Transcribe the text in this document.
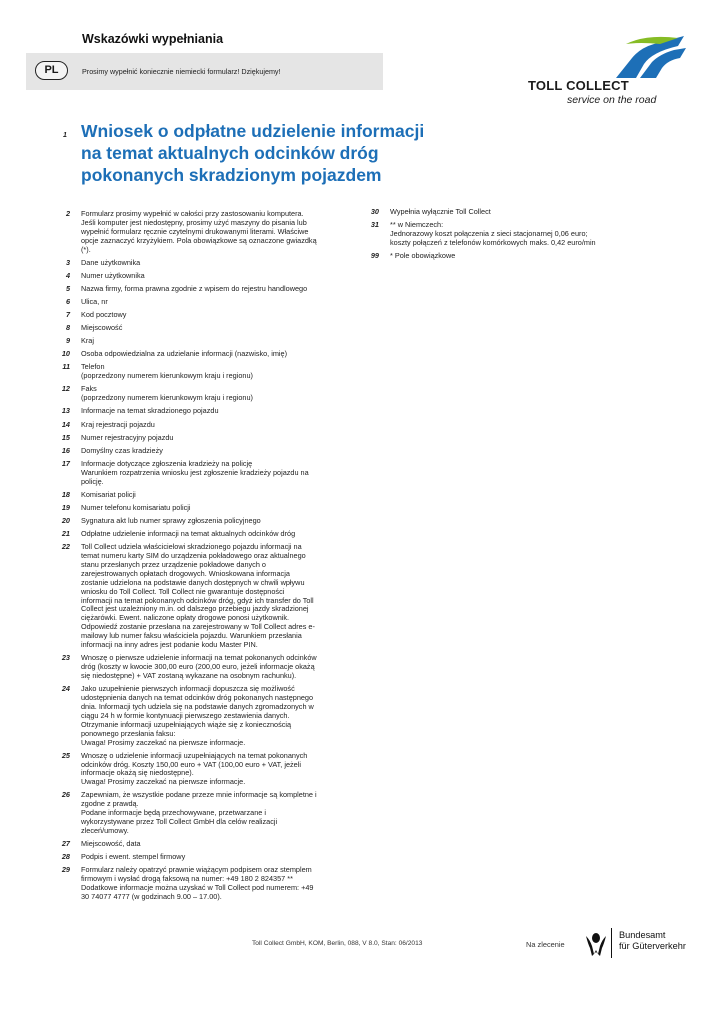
Wskazówki wypełniania
PL	Prosimy wypełnić koniecznie niemiecki formularz! Dziękujemy!
TOLL COLLECT
service on the road
1 Wniosek o odpłatne udzielenie informacji na temat aktualnych odcinków dróg pokonanych skradzionym pojazdem
2 Formularz prosimy wypełnić w całości przy zastosowaniu komputera.
Jeśli komputer jest niedostępny, prosimy użyć maszyny do pisania lub
wypełnić formularz ręcznie czytelnymi drukowanymi literami. Właściwe
opcje zaznaczyć krzyżykiem. Pola obowiązkowe są oznaczone gwiazdką
(*).
3 Dane użytkownika
4 Numer użytkownika
5 Nazwa firmy, forma prawna zgodnie z wpisem do rejestru handlowego
6 Ulica, nr
7 Kod pocztowy
8 Miejscowość
9 Kraj
10 Osoba odpowiedzialna za udzielanie informacji (nazwisko, imię)
11 Telefon
(poprzedzony numerem kierunkowym kraju i regionu)
12 Faks
(poprzedzony numerem kierunkowym kraju i regionu)
13 Informacje na temat skradzionego pojazdu
14 Kraj rejestracji pojazdu
15 Numer rejestracyjny pojazdu
16 Domyślny czas kradzieży
17 Informacje dotyczące zgłoszenia kradzieży na policję
Warunkiem rozpatrzenia wniosku jest zgłoszenie kradzieży pojazdu na
policję.
18 Komisariat policji
19 Numer telefonu komisariatu policji
20 Sygnatura akt lub numer sprawy zgłoszenia policyjnego
21 Odpłatne udzielenie informacji na temat aktualnych odcinków dróg
22 Toll Collect udziela właścicielowi skradzionego pojazdu informacji na
temat numeru karty SIM do urządzenia pokładowego oraz aktualnego
stanu przesłanych przez urządzenie pokładowe danych o
zarejestrowanych opłatach drogowych. Wnioskowana informacja
zostanie udzielona na podstawie danych dostępnych w chwili wpływu
wniosku do Toll Collect. Toll Collect nie gwarantuje dostępności
informacji na temat pokonanych odcinków dróg, gdyż ich transfer do Toll
Collect jest uzależniony m.in. od dalszego przebiegu jazdy skradzionej
ciężarówki. Ewent. naliczone opłaty drogowe ponosi użytkownik.
Odpowiedź zostanie przesłana na zarejestrowany w Toll Collect adres e-
mailowy lub numer faksu właściciela pojazdu. Warunkiem przesłania
informacji na inny adres jest podanie kodu Master PIN.
23 Wnoszę o pierwsze udzielenie informacji na temat pokonanych odcinków
dróg (koszty w kwocie 300,00 euro (200,00 euro, jeżeli informacje okażą
się niedostępne) + VAT zostaną wykazane na osobnym rachunku).
24 Jako uzupełnienie pierwszych informacji dopuszcza się możliwość
udostępnienia danych na temat odcinków dróg pokonanych następnego
dnia. Informacji tych udziela się na podstawie danych zgromadzonych w
ciągu 24 h w formie kontynuacji pierwszego zestawienia danych.
Otrzymanie informacji uzupełniających wiąże się z koniecznością
ponownego przesłania faksu:
Uwaga! Prosimy zaczekać na pierwsze informacje.
25 Wnoszę o udzielenie informacji uzupełniających na temat pokonanych
odcinków dróg. Koszty 150,00 euro + VAT (100,00 euro + VAT, jeżeli
informacje okażą się niedostępne).
Uwaga! Prosimy zaczekać na pierwsze informacje.
26 Zapewniam, że wszystkie podane przeze mnie informacje są kompletne i
zgodne z prawdą.
Podane informacje będą przechowywane, przetwarzane i
wykorzystywane przez Toll Collect GmbH dla celów realizacji
zleceń/umowy.
27 Miejscowość, data
28 Podpis i ewent. stempel firmowy
29 Formularz należy opatrzyć prawnie wiążącym podpisem oraz stemplem
firmowym i wysłać drogą faksową na numer: +49 180 2 824357 **
Dodatkowe informacje można uzyskać w Toll Collect pod numerem: +49
30 74077 4777 (w godzinach 9.00 – 17.00).
30 Wypełnia wyłącznie Toll Collect
31 ** w Niemczech:
Jednorazowy koszt połączenia z sieci stacjonarnej 0,06 euro;
koszty połączeń z telefonów komórkowych maks. 0,42 euro/min
99 * Pole obowiązkowe
Toll Collect GmbH, KOM, Berlin, 088, V 8.0, Stan: 06/2013	Na zlecenie
Bundesamt
für Güterverkehr
